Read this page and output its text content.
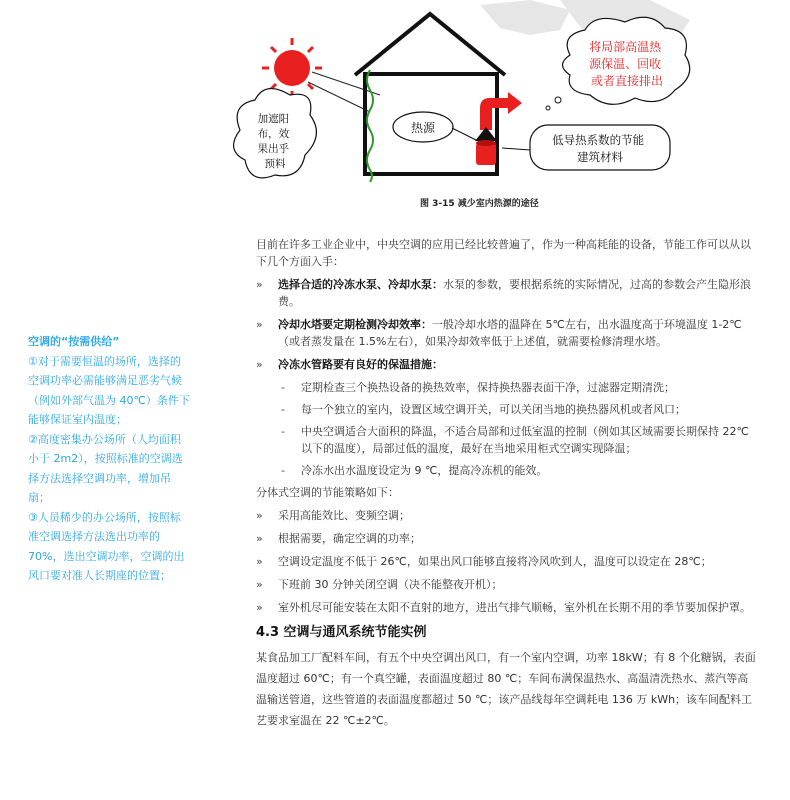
热源
加遮阳 布，效 果出乎 预料
将局部高温热 源保温、回收 或者直接排出
低导热系数的节能 建筑材料
图 3-15 减少室内热源的途径
空调的“按需供给”
①对于需要恒温的场所，选择的
空调功率必需能够满足恶劣气候
（例如外部气温为 40℃）条件下
能够保证室内温度；
②高度密集办公场所（人均面积
小于 2m2），按照标准的空调选
择方法选择空调功率，增加吊
扇；
③人员稀少的办公场所，按照标
准空调选择方法选出功率的
70%，选出空调功率，空调的出
风口要对准人长期座的位置；

目前在许多工业企业中，中央空调的应用已经比较普遍了，作为一种高耗能的设备，节能工作可以从以下几个方面入手：

» 选择合适的冷冻水泵、冷却水泵：水泵的参数，要根据系统的实际情况，过高的参数会产生隐形浪费。
» 冷却水塔要定期检测冷却效率：一般冷却水塔的温降在 5℃左右，出水温度高于环境温度 1-2℃（或者蒸发量在 1.5%左右），如果冷却效率低于上述值，就需要检修清理水塔。
» 冷冻水管路要有良好的保温措施：
- 定期检查三个换热设备的换热效率，保持换热器表面干净，过滤器定期清洗；
- 每一个独立的室内，设置区域空调开关，可以关闭当地的换热器风机或者风口；
- 中央空调适合大面积的降温，不适合局部和过低室温的控制（例如其区域需要长期保持 22℃以下的温度），局部过低的温度，最好在当地采用柜式空调实现降温；
- 冷冻水出水温度设定为 9 ℃，提高冷冻机的能效。

分体式空调的节能策略如下：

» 采用高能效比、变频空调；
» 根据需要，确定空调的功率；
» 空调设定温度不低于 26℃，如果出风口能够直接将冷风吹到人，温度可以设定在 28℃；
» 下班前 30 分钟关闭空调（决不能整夜开机）；
» 室外机尽可能安装在太阳不直射的地方，进出气排气顺畅，室外机在长期不用的季节要加保护罩。
4.3 空调与通风系统节能实例

某食品加工厂配料车间，有五个中央空调出风口，有一个室内空调，功率 18kW；有 8 个化糖锅，表面温度超过 60℃；有一个真空罐，表面温度超过 80 ℃；车间布满保温热水、高温清洗热水、蒸汽等高温输送管道，这些管道的表面温度都超过 50 ℃；该产品线每年空调耗电 136 万 kWh；该车间配料工艺要求室温在 22 ℃±2℃。
